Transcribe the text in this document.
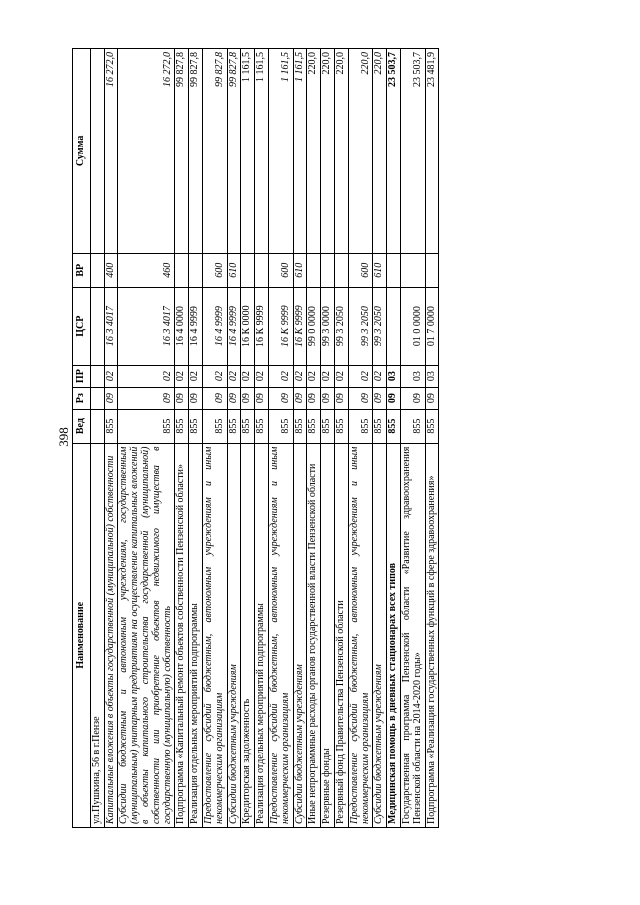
398
Наименование	Вед	Рз	ПР	ЦСР	ВР	Сумма
ул.Пушкина, 56 в г.Пензе						
Капитальные вложения в объекты государственной (муниципальной) собственности	855	09	02	16 3 4017	400	16 272,0
Субсидии бюджетным и автономным учреждениям, государственным (муниципальным) унитарным предприятиям на осуществление капитальных вложений в объекты капитального строительства государственной (муниципальной) собственности или приобретение объектов недвижимого имущества в государственную (муниципальную) собственность	855	09	02	16 3 4017	460	16 272,0
Подпрограмма «Капитальный ремонт объектов собственности Пензенской области»	855	09	02	16 4 0000		99 827,8
Реализация отдельных мероприятий подпрограммы	855	09	02	16 4 9999		99 827,8
Предоставление субсидий бюджетным, автономным учреждениям и иным некоммерческим организациям	855	09	02	16 4 9999	600	99 827,8
Субсидии бюджетным учреждениям	855	09	02	16 4 9999	610	99 827,8
Кредиторская задолженность	855	09	02	16 К 0000		1 161,5
Реализация отдельных мероприятий подпрограммы	855	09	02	16 К 9999		1 161,5
Предоставление субсидий бюджетным, автономным учреждениям и иным некоммерческим организациям	855	09	02	16 К 9999	600	1 161,5
Субсидии бюджетным учреждениям	855	09	02	16 К 9999	610	1 161,5
Иные непрограммные расходы органов государственной власти Пензенской области	855	09	02	99 0 0000		220,0
Резервные фонды	855	09	02	99 3 0000		220,0
Резервный фонд Правительства Пензенской области	855	09	02	99 3 2050		220,0
Предоставление субсидий бюджетным, автономным учреждениям и иным некоммерческим организациям	855	09	02	99 3 2050	600	220,0
Субсидии бюджетным учреждениям	855	09	02	99 3 2050	610	220,0
Медицинская помощь в дневных стационарах всех типов	855	09	03			23 503,7
Государственная программа Пензенской области «Развитие здравоохранения Пензенской области на 2014-2020 годы»	855	09	03	01 0 0000		23 503,7
Подпрограмма «Реализация государственных функций в сфере здравоохранения»	855	09	03	01 7 0000		23 481,9
